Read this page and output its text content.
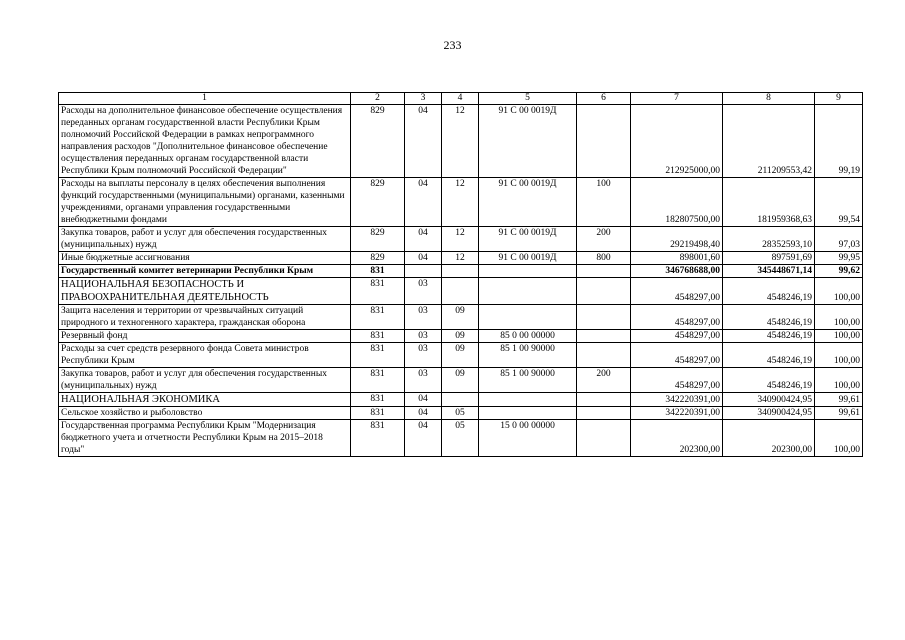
233
1	2	3	4	5	6	7	8	9
Расходы на дополнительное финансовое обеспечение осуществления переданных органам государственной власти Республики Крым полномочий Российской Федерации в рамках непрограммного направления расходов "Дополнительное финансовое обеспечение осуществления переданных органам государственной власти Республики Крым полномочий Российской Федерации"	829	04	12	91 С 00 0019Д		212925000,00	211209553,42	99,19
Расходы на выплаты персоналу в целях обеспечения выполнения функций государственными (муниципальными) органами, казенными учреждениями, органами управления государственными внебюджетными фондами	829	04	12	91 С 00 0019Д	100	182807500,00	181959368,63	99,54
Закупка товаров, работ и услуг для обеспечения государственных (муниципальных) нужд	829	04	12	91 С 00 0019Д	200	29219498,40	28352593,10	97,03
Иные бюджетные ассигнования	829	04	12	91 С 00 0019Д	800	898001,60	897591,69	99,95
Государственный комитет ветеринарии Республики Крым	831					346768688,00	345448671,14	99,62
НАЦИОНАЛЬНАЯ БЕЗОПАСНОСТЬ И ПРАВООХРАНИТЕЛЬНАЯ ДЕЯТЕЛЬНОСТЬ	831	03				4548297,00	4548246,19	100,00
Защита населения и территории от чрезвычайных ситуаций природного и техногенного характера, гражданская оборона	831	03	09			4548297,00	4548246,19	100,00
Резервный фонд	831	03	09	85 0 00 00000		4548297,00	4548246,19	100,00
Расходы за счет средств резервного фонда Совета министров Республики Крым	831	03	09	85 1 00 90000		4548297,00	4548246,19	100,00
Закупка товаров, работ и услуг для обеспечения государственных (муниципальных) нужд	831	03	09	85 1 00 90000	200	4548297,00	4548246,19	100,00
НАЦИОНАЛЬНАЯ ЭКОНОМИКА	831	04				342220391,00	340900424,95	99,61
Сельское хозяйство и рыболовство	831	04	05			342220391,00	340900424,95	99,61
Государственная программа Республики Крым "Модернизация бюджетного учета и отчетности Республики Крым на 2015–2018 годы"	831	04	05	15 0 00 00000		202300,00	202300,00	100,00
